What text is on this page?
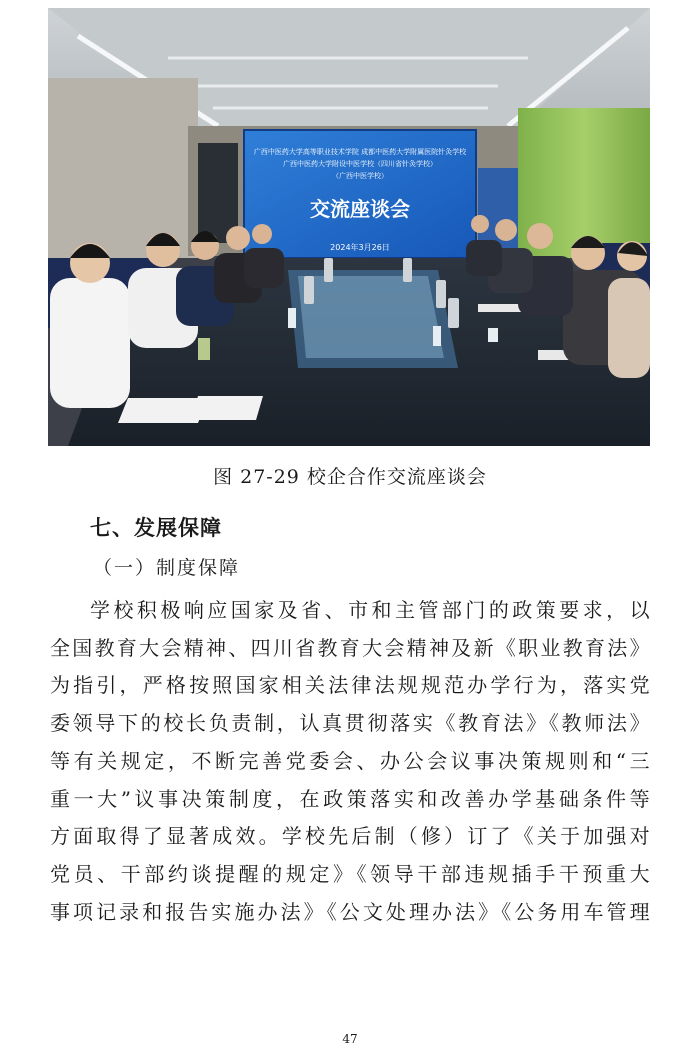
广西中医药大学高等职业技术学院 成都中医药大学附属医院针灸学校
广西中医药大学附设中医学校（四川省针灸学校）
（广西中医学校）
交流座谈会
2024年3月26日
图 27-29 校企合作交流座谈会
七、发展保障
（一）制度保障
学校积极响应国家及省、市和主管部门的政策要求，以
全国教育大会精神、四川省教育大会精神及新《职业教育法》
为指引，严格按照国家相关法律法规规范办学行为，落实党
委领导下的校长负责制，认真贯彻落实《教育法》《教师法》
等有关规定，不断完善党委会、办公会议事决策规则和“三
重一大”议事决策制度，在政策落实和改善办学基础条件等
方面取得了显著成效。学校先后制（修）订了《关于加强对
党员、干部约谈提醒的规定》《领导干部违规插手干预重大
事项记录和报告实施办法》《公文处理办法》《公务用车管理
47
